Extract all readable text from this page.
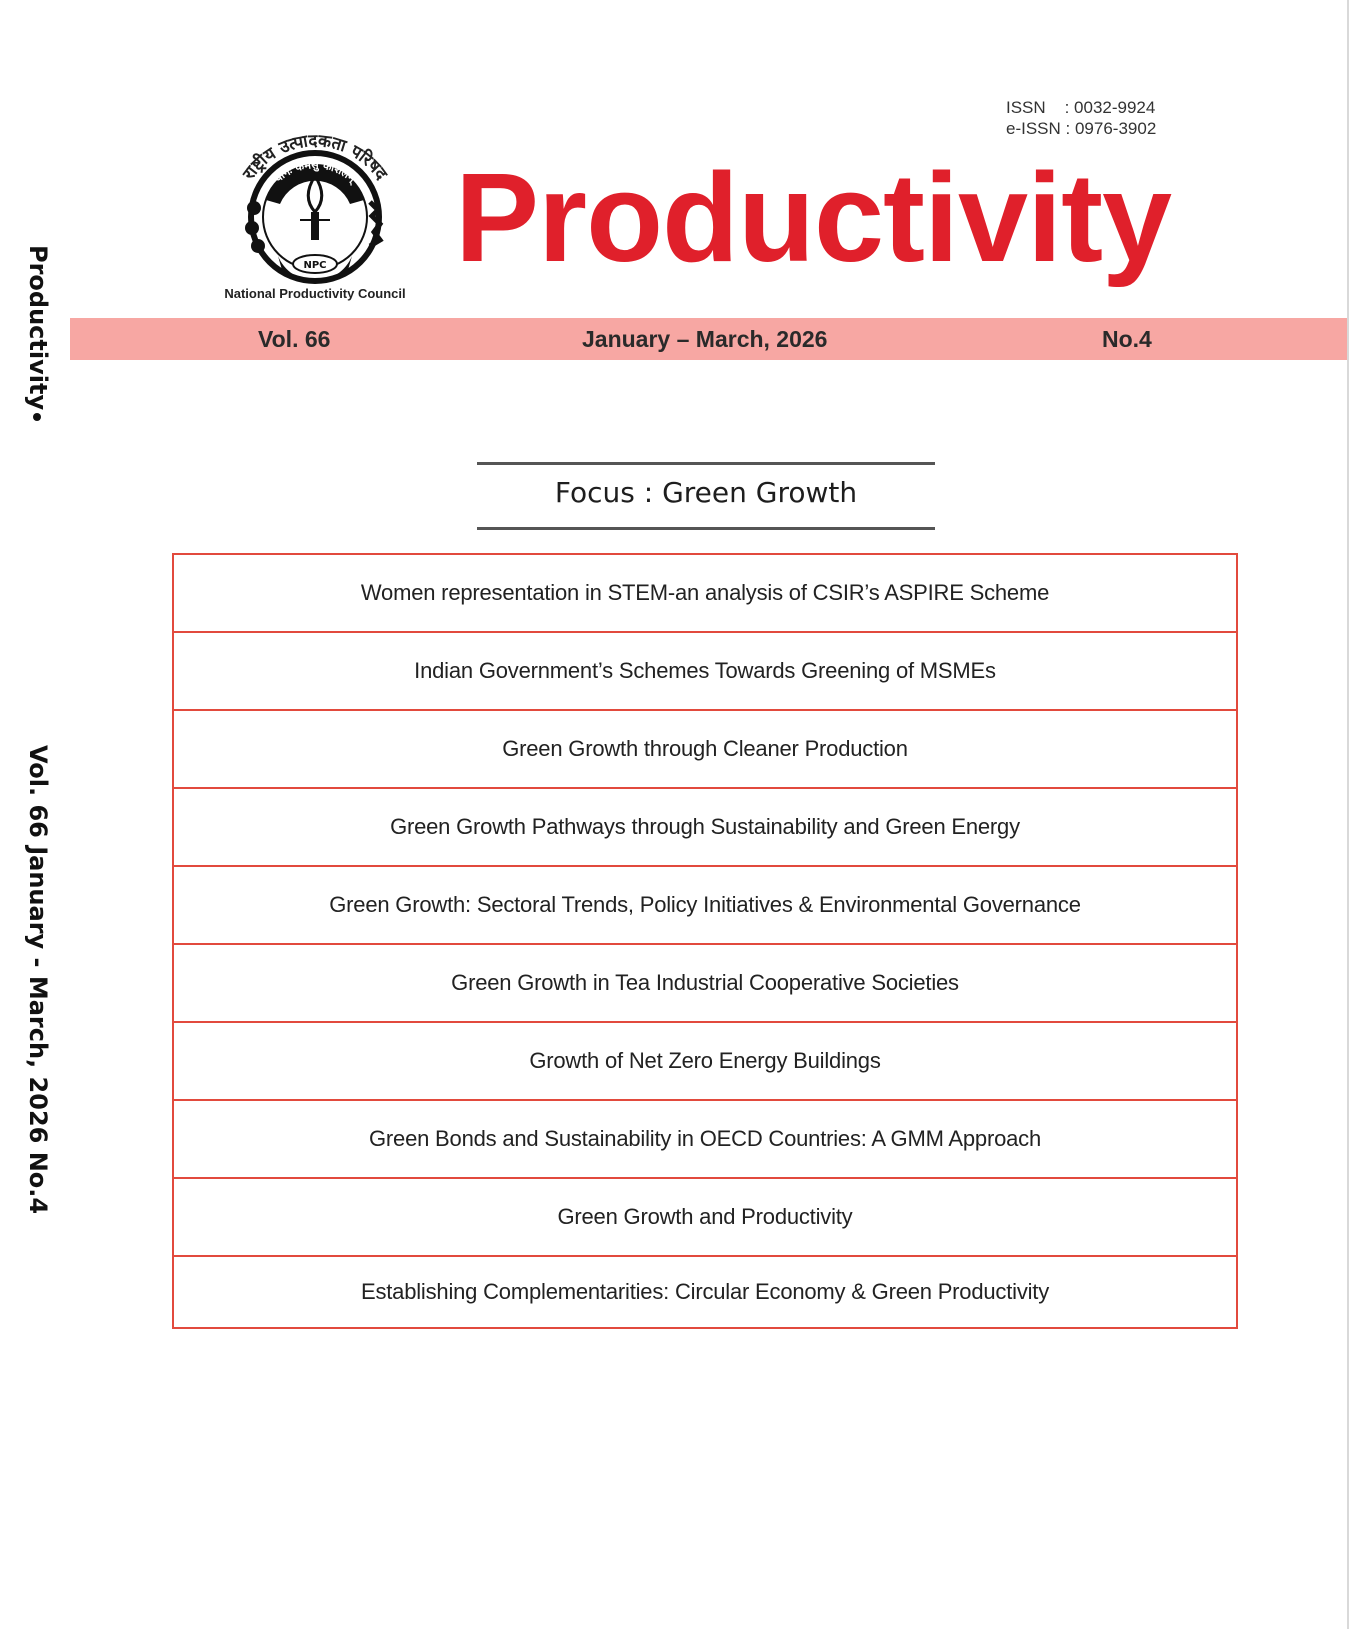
Productivity
Vol. 66 January - March, 2026 No.4
ISSN : 0032-9924
e-ISSN : 0976-3902
राष्ट्रीय उत्पादकता परिषद
योगः कर्मसु कौशलम्
NPC
National Productivity Council
Productivity
Vol. 66	January – March, 2026	No.4
Focus : Green Growth
Women representation in STEM-an analysis of CSIR’s ASPIRE Scheme
Indian Government’s Schemes Towards Greening of MSMEs
Green Growth through Cleaner Production
Green Growth Pathways through Sustainability and Green Energy
Green Growth: Sectoral Trends, Policy Initiatives & Environmental Governance
Green Growth in Tea Industrial Cooperative Societies
Growth of Net Zero Energy Buildings
Green Bonds and Sustainability in OECD Countries: A GMM Approach
Green Growth and Productivity
Establishing Complementarities: Circular Economy & Green Productivity
